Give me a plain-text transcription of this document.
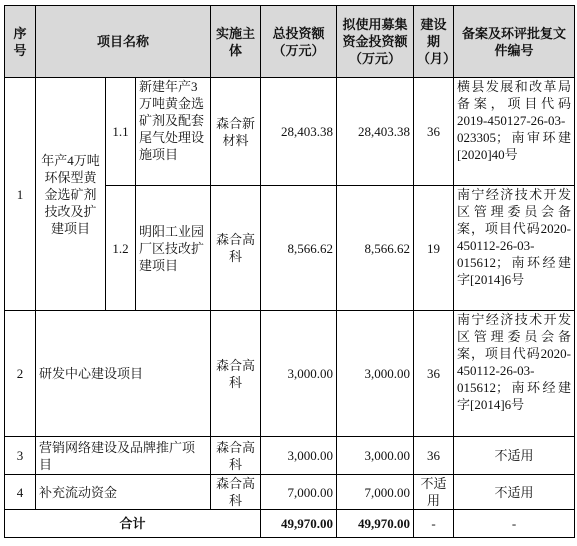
序号	项目名称			实施主体	总投资额（万元）	拟使用募集资金投资额（万元）	建设期（月）	备案及环评批复文件编号
1	年产4万吨环保型黄金选矿剂技改及扩建项目	1.1	新建年产3万吨黄金选矿剂及配套尾气处理设施项目	森合新材料	28,403.38	28,403.38	36	横县发展和改革局备案，项目代码2019-450127-26-03-023305；南审环建[2020]40号
		1.2	明阳工业园厂区技改扩建项目	森合高科	8,566.62	8,566.62	19	南宁经济技术开发区管理委员会备案，项目代码2020-450112-26-03-015612；南环经建字[2014]6号
2	研发中心建设项目			森合高科	3,000.00	3,000.00	36	南宁经济技术开发区管理委员会备案，项目代码2020-450112-26-03-015612；南环经建字[2014]6号
3	营销网络建设及品牌推广项目			森合高科	3,000.00	3,000.00	36	不适用
4	补充流动资金			森合高科	7,000.00	7,000.00	不适用	不适用
合计					49,970.00	49,970.00	-	-
